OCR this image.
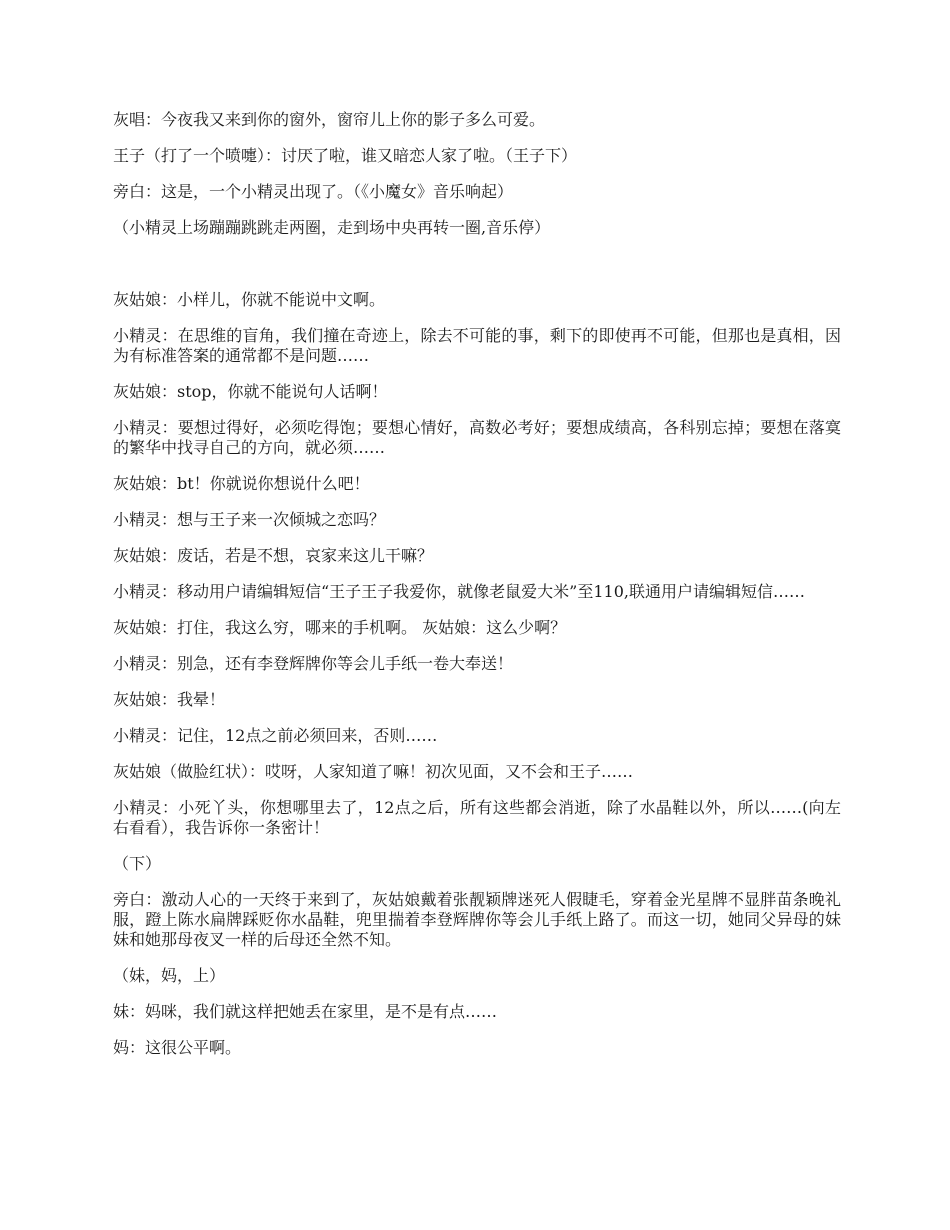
灰唱：今夜我又来到你的窗外，窗帘儿上你的影子多么可爱。

王子（打了一个喷嚏）：讨厌了啦，谁又暗恋人家了啦。（王子下）

旁白：这是，一个小精灵出现了。（《小魔女》音乐响起）

（小精灵上场蹦蹦跳跳走两圈，走到场中央再转一圈,音乐停）

灰姑娘：小样儿，你就不能说中文啊。

小精灵：在思维的盲角，我们撞在奇迹上，除去不可能的事，剩下的即使再不可能，但那也是真相，因为有标准答案的通常都不是问题……

灰姑娘：stop，你就不能说句人话啊！

小精灵：要想过得好，必须吃得饱；要想心情好，高数必考好；要想成绩高，各科别忘掉；要想在落寞的繁华中找寻自己的方向，就必须……

灰姑娘：bt！你就说你想说什么吧！

小精灵：想与王子来一次倾城之恋吗？

灰姑娘：废话，若是不想，哀家来这儿干嘛？

小精灵：移动用户请编辑短信“王子王子我爱你，就像老鼠爱大米”至110,联通用户请编辑短信……

灰姑娘：打住，我这么穷，哪来的手机啊。 灰姑娘：这么少啊？

小精灵：别急，还有李登辉牌你等会儿手纸一卷大奉送！

灰姑娘：我晕！

小精灵：记住，12点之前必须回来，否则……

灰姑娘（做脸红状）：哎呀，人家知道了嘛！初次见面，又不会和王子……

小精灵：小死丫头，你想哪里去了，12点之后，所有这些都会消逝，除了水晶鞋以外，所以……(向左右看看），我告诉你一条密计！

（下）

旁白：激动人心的一天终于来到了，灰姑娘戴着张靓颖牌迷死人假睫毛，穿着金光星牌不显胖苗条晚礼服，蹬上陈水扁牌踩贬你水晶鞋，兜里揣着李登辉牌你等会儿手纸上路了。而这一切，她同父异母的妹妹和她那母夜叉一样的后母还全然不知。

（妹，妈，上）

妹：妈咪，我们就这样把她丢在家里，是不是有点……

妈：这很公平啊。
